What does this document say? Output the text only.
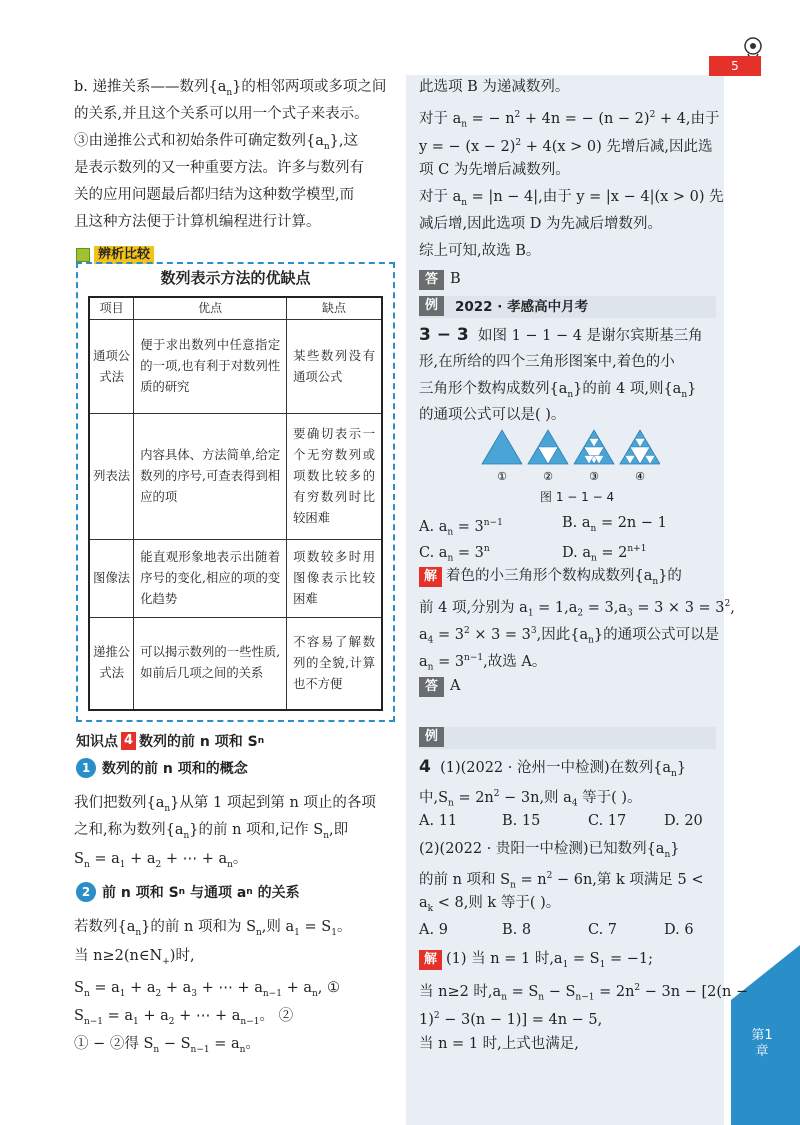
5
第1章
b. 递推关系——数列$\{a_n\}$的相邻两项或多项之间
的关系,并且这个关系可以用一个式子来表示。
③由递推公式和初始条件可确定数列$\{a_n\}$,这
是表示数列的又一种重要方法。许多与数列有
关的应用问题最后都归结为这种数学模型,而
且这种方法便于计算机编程进行计算。
辨析比较
数列表示方法的优缺点
项目	优点	缺点
通项公式法	便于求出数列中任意指定的一项,也有利于对数列性质的研究	某些数列没有通项公式
列表法	内容具体、方法简单,给定数列的序号,可查表得到相应的项	要确切表示一个无穷数列或项数比较多的有穷数列时比较困难
图像法	能直观形象地表示出随着序号的变化,相应的项的变化趋势	项数较多时用图像表示比较困难
递推公式法	可以揭示数列的一些性质,如前后几项之间的关系	不容易了解数列的全貌,计算也不方便
知识点 4 数列的前 n 项和 S n
1 数列的前 n 项和的概念
我们把数列$\{a_n\}$从第 1 项起到第 n 项止的各项
之和,称为数列$\{a_n\}$的前 n 项和,记作 $S_n$,即
$S_n = a_1 + a_2$ + ⋯ + $a_n$。
2 前 n 项和 S n
与通项 a n
的关系
若数列$\{a_n\}$的前 n 项和为 $S_n$,则 $a_1 = S_1$。
当 $n\ge 2(n\in N_+)$时,
$S_n = a_1 + a_2 + a_3$ + ⋯ + $a_{n-1} + a_n$, ①
$S_{n-1} = a_1 + a_2$ + ⋯ + $a_{n-1}$。 ②
① − ②得 $S_n - S_{n-1} = a_n$。
此选项 B 为递减数列。
对于 $a_n$ = − $n^2 + 4n$ = − $(n - 2)^2 + 4$,由于
y = − $(x - 2)^2 + 4(x > 0)$ 先增后减,因此选
项 C 为先增后减数列。
对于 $a_n = |n - 4|$,由于 y = |x − 4|(x > 0) 先
减后增,因此选项 D 为先减后增数列。
综上可知,故选 B。
答 B
例	2022 · 孝感高中月考
3 − 3 如图 1 − 1 − 4 是谢尔宾斯基三角
形,在所给的四个三角形图案中,着色的小
三角形个数构成数列$\{a_n\}$的前 4 项,则$\{a_n\}$
的通项公式可以是( )。
①	②	③	④
图 1 − 1 − 4
A. $a_n = 3^{n-1}$	B. $a_n = 2n - 1$
C. $a_n = 3^n$	D. $a_n = 2^{n+1}$
解 着色的小三角形个数构成数列$\{a_n\}$的
前 4 项,分别为 $a_1 = 1,a_2 = 3,a_3 = 3 \times 3 = 3^2$,
$a_4 = 3^2 \times 3 = 3^3$,因此$\{a_n\}$的通项公式可以是
$a_n = 3^{n-1}$,故选 A。
答 A
例
4 (1)(2022 · 沧州一中检测)在数列$\{a_n\}$
中$,S_n = 2n^2 - 3n$,则 $a_4$ 等于( )。
A. 11	B. 15	C. 17	D. 20
(2)(2022 · 贵阳一中检测)已知数列$\{a_n\}$
的前 n 项和 $S_n = n^2 - 6n$,第 k 项满足 5 <
$a_k < 8$,则 k 等于( )。
A. 9	B. 8	C. 7	D. 6
解 (1) 当 n = 1 时$,a_1 = S_1 = -1$;
当 n≥2 时$,a_n = S_n - S_{n-1} = 2n^2 - 3n - [2(n$ −
1)$^2$ − 3(n − 1)] = 4n − 5,
当 n = 1 时,上式也满足,
